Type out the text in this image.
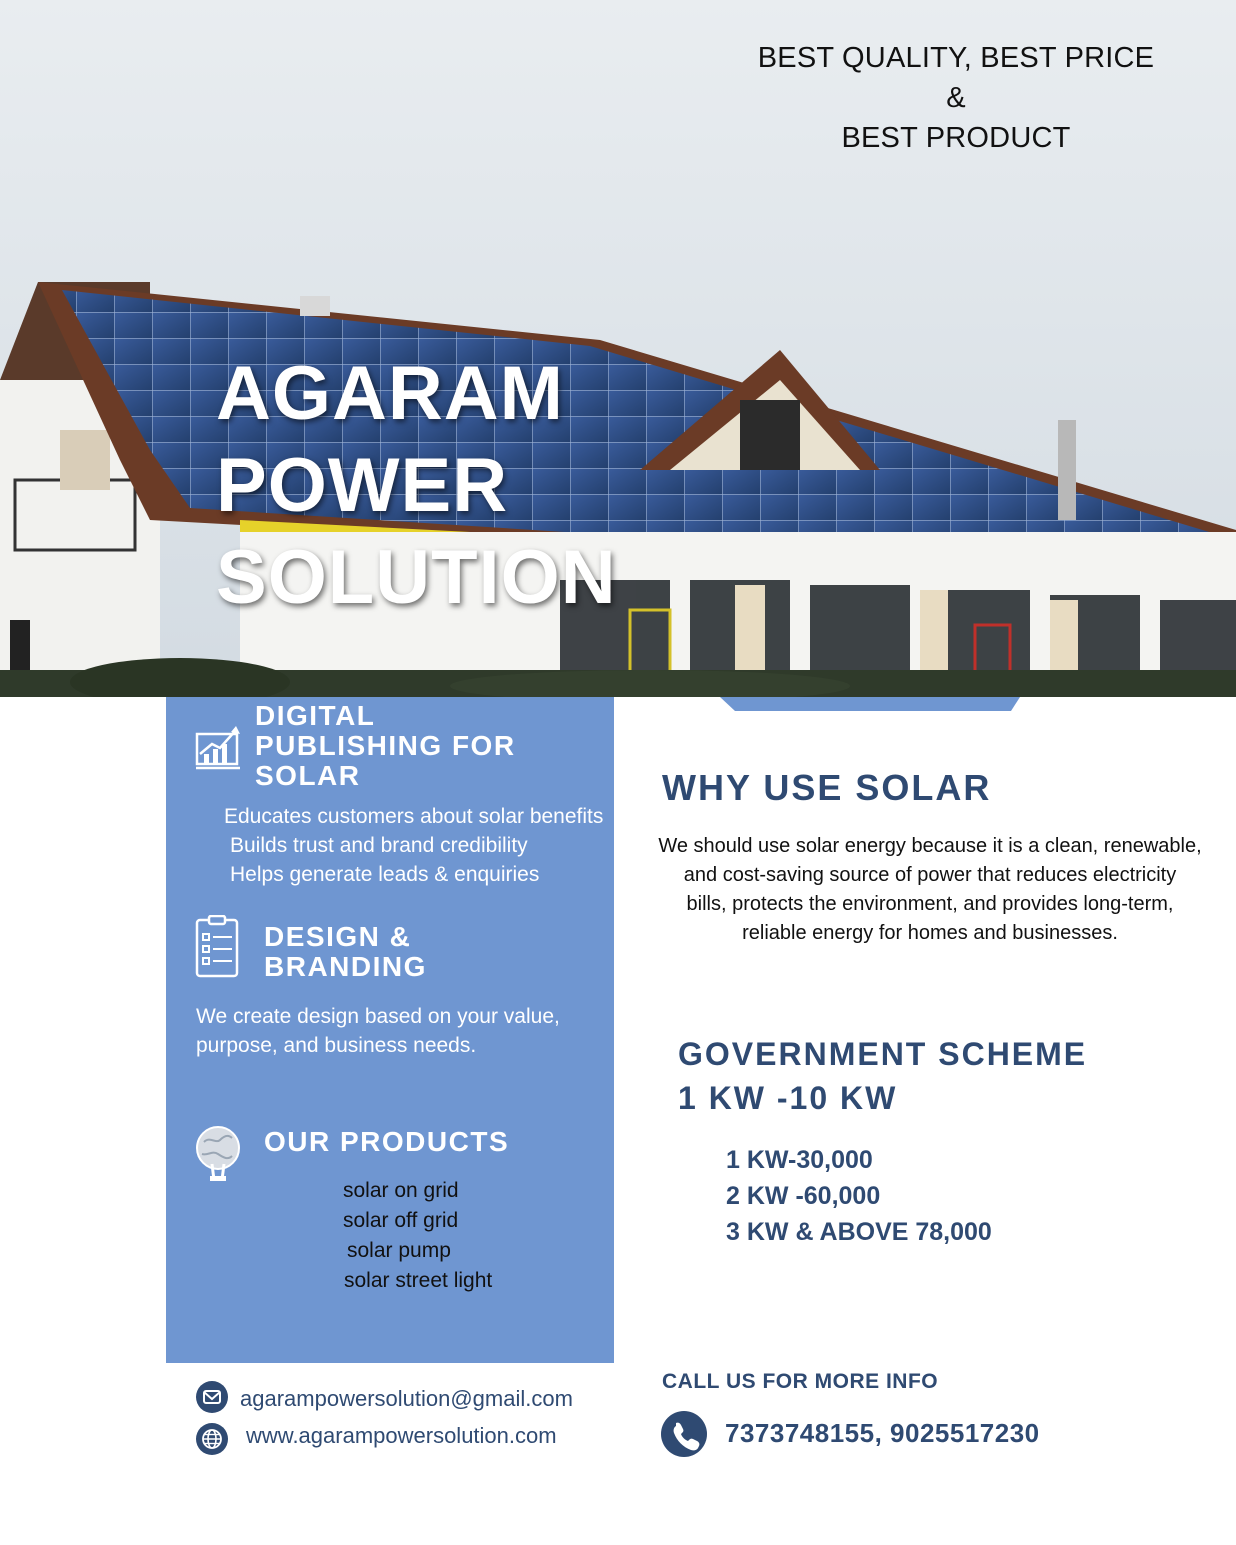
BEST QUALITY, BEST PRICE &
BEST PRODUCT
AGARAM
POWER
SOLUTION
DIGITAL
PUBLISHING FOR
SOLAR
Educates customers about solar benefits
Builds trust and brand credibility
Helps generate leads & enquiries
DESIGN &
BRANDING
We create design based on your value,
purpose, and business needs.
OUR PRODUCTS
solar on grid
solar off grid
solar pump
solar street light
WHY USE SOLAR
We should use solar energy because it is a clean, renewable,
and cost-saving source of power that reduces electricity
bills, protects the environment, and provides long-term,
reliable energy for homes and businesses.
GOVERNMENT SCHEME
1 KW -10 KW
1 KW-30,000
2 KW -60,000
3 KW & ABOVE 78,000
agarampowersolution@gmail.com
www.agarampowersolution.com
CALL US FOR MORE INFO
7373748155, 9025517230
